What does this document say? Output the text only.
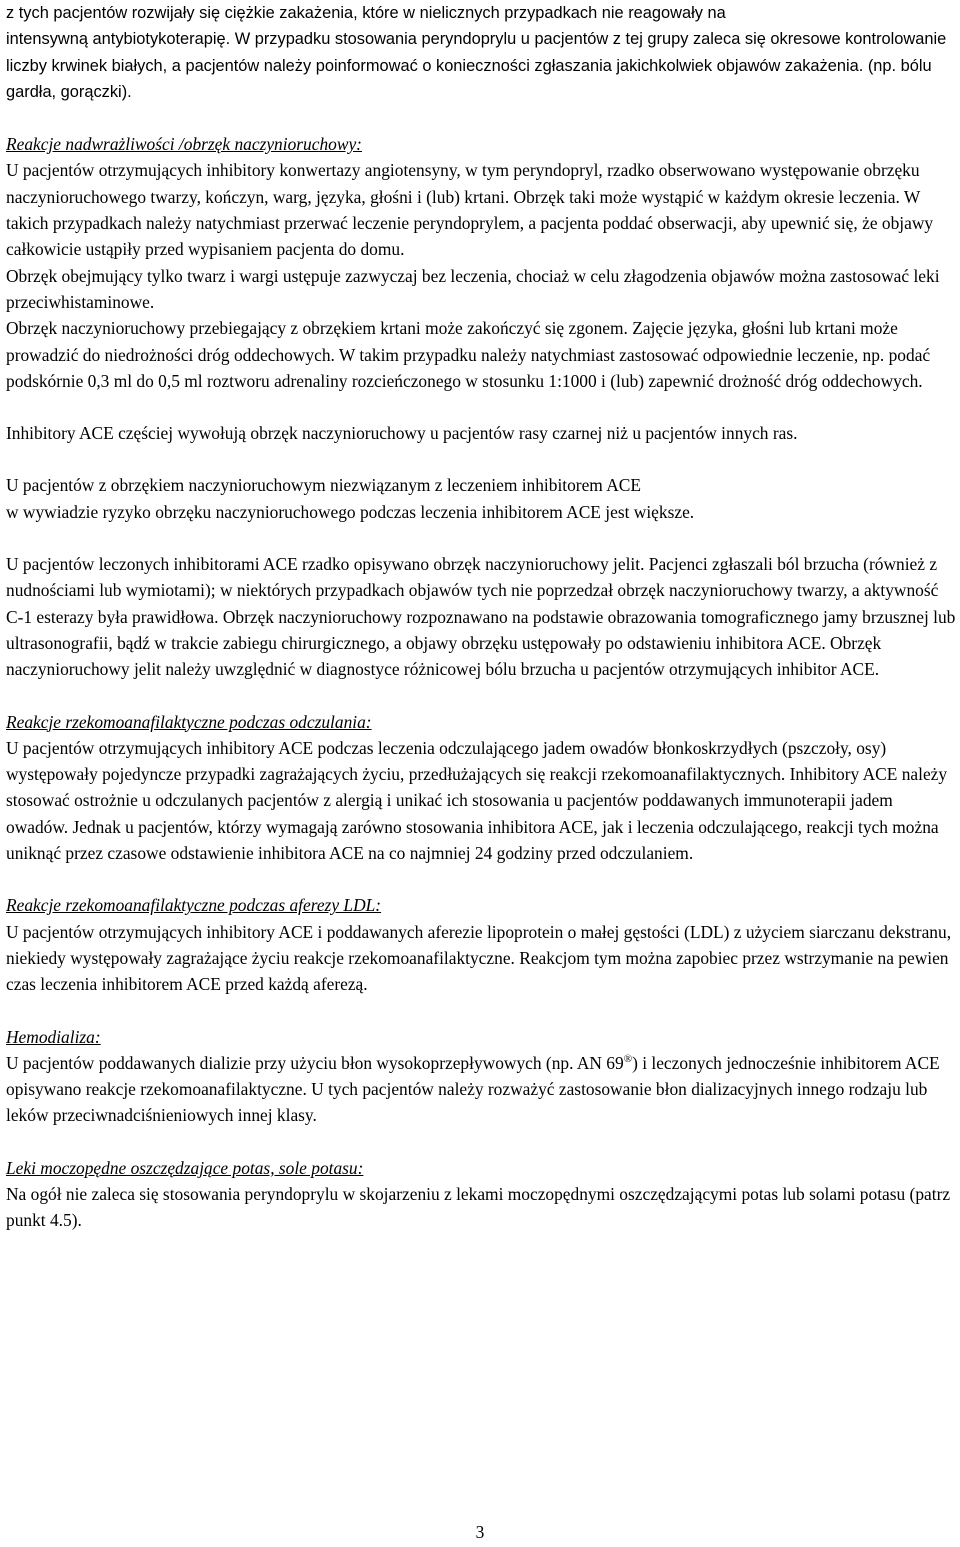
z tych pacjentów rozwijały się ciężkie zakażenia, które w nielicznych przypadkach nie reagowały na
intensywną antybiotykoterapię. W przypadku stosowania peryndoprylu u pacjentów z tej grupy zaleca się okresowe kontrolowanie liczby krwinek białych, a pacjentów należy poinformować o konieczności zgłaszania jakichkolwiek objawów zakażenia. (np. bólu gardła, gorączki).

Reakcje nadwrażliwości /obrzęk naczynioruchowy:

U pacjentów otrzymujących inhibitory konwertazy angiotensyny, w tym peryndopryl, rzadko obserwowano występowanie obrzęku naczynioruchowego twarzy, kończyn, warg, języka, głośni i (lub) krtani. Obrzęk taki może wystąpić w każdym okresie leczenia. W takich przypadkach należy natychmiast przerwać leczenie peryndoprylem, a pacjenta poddać obserwacji, aby upewnić się, że objawy całkowicie ustąpiły przed wypisaniem pacjenta do domu.

Obrzęk obejmujący tylko twarz i wargi ustępuje zazwyczaj bez leczenia, chociaż w celu złagodzenia objawów można zastosować leki przeciwhistaminowe.

Obrzęk naczynioruchowy przebiegający z obrzękiem krtani może zakończyć się zgonem. Zajęcie języka, głośni lub krtani może prowadzić do niedrożności dróg oddechowych. W takim przypadku należy natychmiast zastosować odpowiednie leczenie, np. podać podskórnie 0,3 ml do 0,5 ml roztworu adrenaliny rozcieńczonego w stosunku 1:1000 i (lub) zapewnić drożność dróg oddechowych.

Inhibitory ACE częściej wywołują obrzęk naczynioruchowy u pacjentów rasy czarnej niż u pacjentów innych ras.

U pacjentów z obrzękiem naczynioruchowym niezwiązanym z leczeniem inhibitorem ACE
w wywiadzie ryzyko obrzęku naczynioruchowego podczas leczenia inhibitorem ACE jest większe.

U pacjentów leczonych inhibitorami ACE rzadko opisywano obrzęk naczynioruchowy jelit. Pacjenci zgłaszali ból brzucha (również z nudnościami lub wymiotami); w niektórych przypadkach objawów tych nie poprzedzał obrzęk naczynioruchowy twarzy, a aktywność C-1 esterazy była prawidłowa. Obrzęk naczynioruchowy rozpoznawano na podstawie obrazowania tomograficznego jamy brzusznej lub ultrasonografii, bądź w trakcie zabiegu chirurgicznego, a objawy obrzęku ustępowały po odstawieniu inhibitora ACE. Obrzęk naczynioruchowy jelit należy uwzględnić w diagnostyce różnicowej bólu brzucha u pacjentów otrzymujących inhibitor ACE.

Reakcje rzekomoanafilaktyczne podczas odczulania:

U pacjentów otrzymujących inhibitory ACE podczas leczenia odczulającego jadem owadów błonkoskrzydłych (pszczoły, osy) występowały pojedyncze przypadki zagrażających życiu, przedłużających się reakcji rzekomoanafilaktycznych. Inhibitory ACE należy stosować ostrożnie u odczulanych pacjentów z alergią i unikać ich stosowania u pacjentów poddawanych immunoterapii jadem owadów. Jednak u pacjentów, którzy wymagają zarówno stosowania inhibitora ACE, jak i leczenia odczulającego, reakcji tych można uniknąć przez czasowe odstawienie inhibitora ACE na co najmniej 24 godziny przed odczulaniem.

Reakcje rzekomoanafilaktyczne podczas aferezy LDL:

U pacjentów otrzymujących inhibitory ACE i poddawanych aferezie lipoprotein o małej gęstości (LDL) z użyciem siarczanu dekstranu, niekiedy występowały zagrażające życiu reakcje rzekomoanafilaktyczne. Reakcjom tym można zapobiec przez wstrzymanie na pewien czas leczenia inhibitorem ACE przed każdą aferezą.

Hemodializa:

U pacjentów poddawanych dializie przy użyciu błon wysokoprzepływowych (np. AN 69®) i leczonych jednocześnie inhibitorem ACE opisywano reakcje rzekomoanafilaktyczne. U tych pacjentów należy rozważyć zastosowanie błon dializacyjnych innego rodzaju lub leków przeciwnadciśnieniowych innej klasy.

Leki moczopędne oszczędzające potas, sole potasu:

Na ogół nie zaleca się stosowania peryndoprylu w skojarzeniu z lekami moczopędnymi oszczędzającymi potas lub solami potasu (patrz punkt 4.5).

3
